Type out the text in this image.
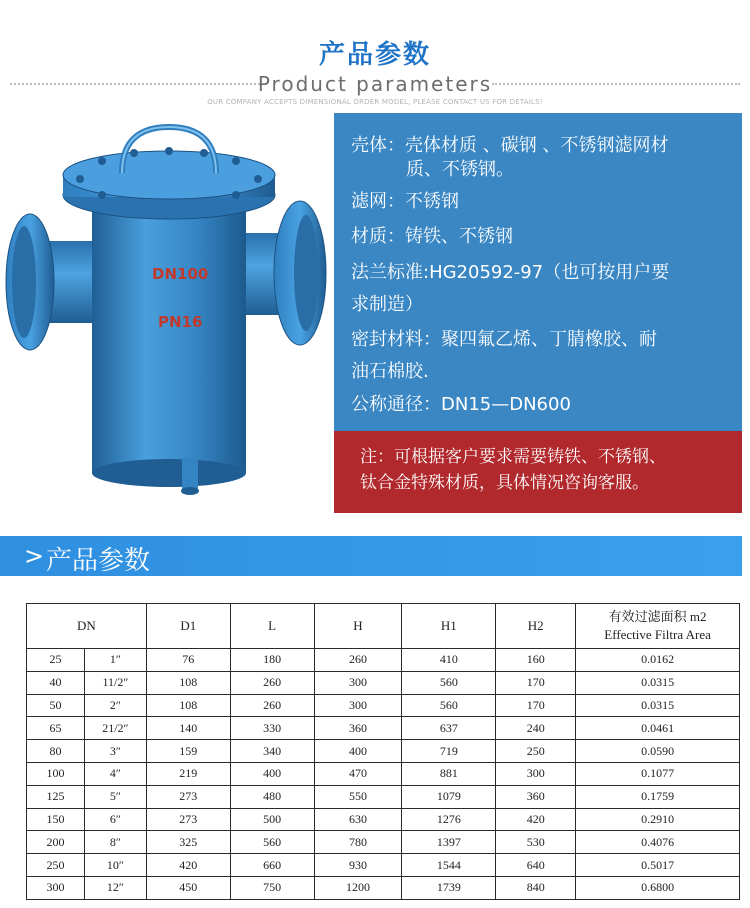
产品参数
Product parameters
OUR COMPANY ACCEPTS DIMENSIONAL ORDER MODEL, PLEASE CONTACT US FOR DETAILS!
DN100
PN16
壳体：壳体材质 、碳钢 、不锈钢滤网材
质、不锈钢。
滤网：不锈钢
材质：铸铁、不锈钢
法兰标准:HG20592-97（也可按用户要
求制造）
密封材料：聚四氟乙烯、丁腈橡胶、耐
油石棉胶.
公称通径：DN15—DN600
注：可根据客户要求需要铸铁、不锈钢、
钛合金特殊材质，具体情况咨询客服。
> 产品参数
DN		D1	L	H	H1	H2	有效过滤面积 m2
Effective Filtra Area

25	1″	76	180	260	410	160	0.0162
40	11/2″	108	260	300	560	170	0.0315
50	2″	108	260	300	560	170	0.0315
65	21/2″	140	330	360	637	240	0.0461
80	3″	159	340	400	719	250	0.0590
100	4″	219	400	470	881	300	0.1077
125	5″	273	480	550	1079	360	0.1759
150	6″	273	500	630	1276	420	0.2910
200	8″	325	560	780	1397	530	0.4076
250	10″	420	660	930	1544	640	0.5017
300	12″	450	750	1200	1739	840	0.6800
